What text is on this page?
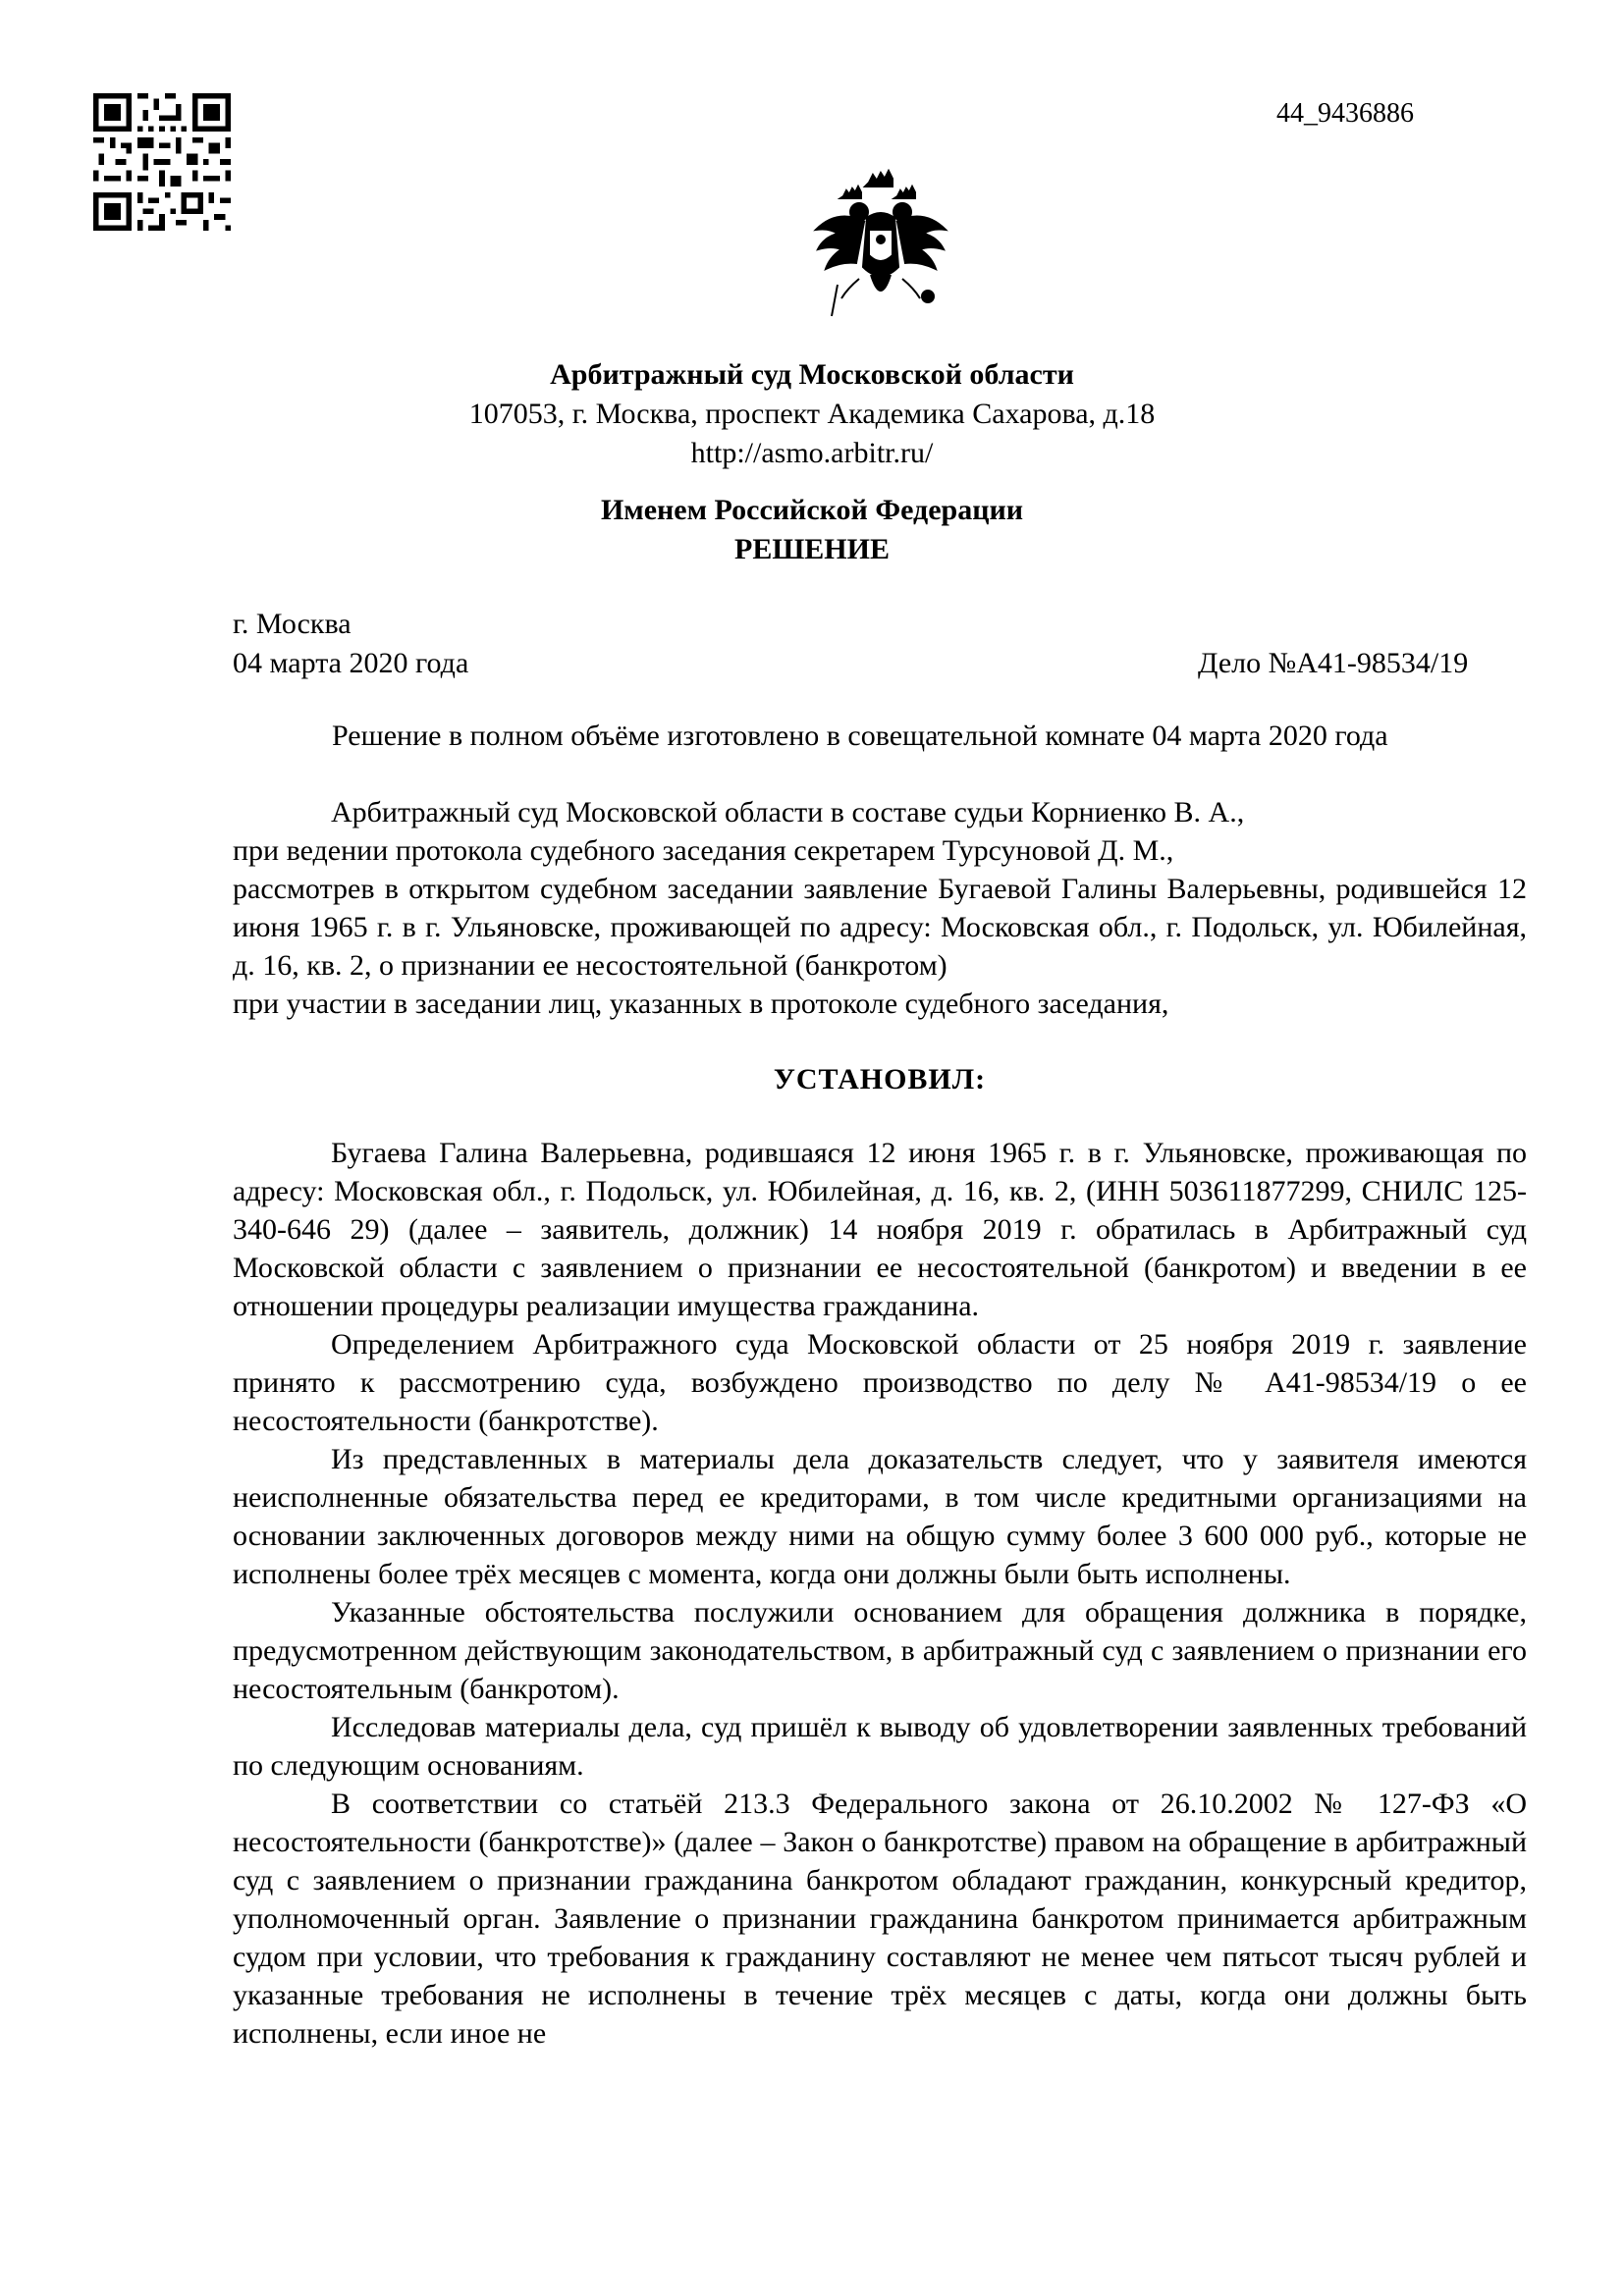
44_9436886
Арбитражный суд Московской области
107053, г. Москва, проспект Академика Сахарова, д.18
http://asmo.arbitr.ru/
Именем Российской Федерации
РЕШЕНИЕ
г. Москва
04 марта 2020 года	Дело №А41-98534/19
Решение в полном объёме изготовлено в совещательной комнате 04 марта 2020 года

Арбитражный суд Московской области в составе судьи Корниенко В. А.,

при ведении протокола судебного заседания секретарем Турсуновой Д. М.,

рассмотрев в открытом судебном заседании заявление Бугаевой Галины Валерьевны, родившейся 12 июня 1965 г. в г. Ульяновске, проживающей по адресу: Московская обл., г. Подольск, ул. Юбилейная, д. 16, кв. 2, о признании ее несостоятельной (банкротом)

при участии в заседании лиц, указанных в протоколе судебного заседания,

УСТАНОВИЛ:

Бугаева Галина Валерьевна, родившаяся 12 июня 1965 г. в г. Ульяновске, проживающая по адресу: Московская обл., г. Подольск, ул. Юбилейная, д. 16, кв. 2, (ИНН 503611877299, СНИЛС 125-340-646 29) (далее – заявитель, должник) 14 ноября 2019 г. обратилась в Арбитражный суд Московской области с заявлением о признании ее несостоятельной (банкротом) и введении в ее отношении процедуры реализации имущества гражданина.

Определением Арбитражного суда Московской области от 25 ноября 2019 г. заявление принято к рассмотрению суда, возбуждено производство по делу № А41-98534/19 о ее несостоятельности (банкротстве).

Из представленных в материалы дела доказательств следует, что у заявителя имеются неисполненные обязательства перед ее кредиторами, в том числе кредитными организациями на основании заключенных договоров между ними на общую сумму более 3 600 000 руб., которые не исполнены более трёх месяцев с момента, когда они должны были быть исполнены.

Указанные обстоятельства послужили основанием для обращения должника в порядке, предусмотренном действующим законодательством, в арбитражный суд с заявлением о признании его несостоятельным (банкротом).

Исследовав материалы дела, суд пришёл к выводу об удовлетворении заявленных требований по следующим основаниям.

В соответствии со статьёй 213.3 Федерального закона от 26.10.2002 № 127-ФЗ «О несостоятельности (банкротстве)» (далее – Закон о банкротстве) правом на обращение в арбитражный суд с заявлением о признании гражданина банкротом обладают гражданин, конкурсный кредитор, уполномоченный орган. Заявление о признании гражданина банкротом принимается арбитражным судом при условии, что требования к гражданину составляют не менее чем пятьсот тысяч рублей и указанные требования не исполнены в течение трёх месяцев с даты, когда они должны быть исполнены, если иное не
